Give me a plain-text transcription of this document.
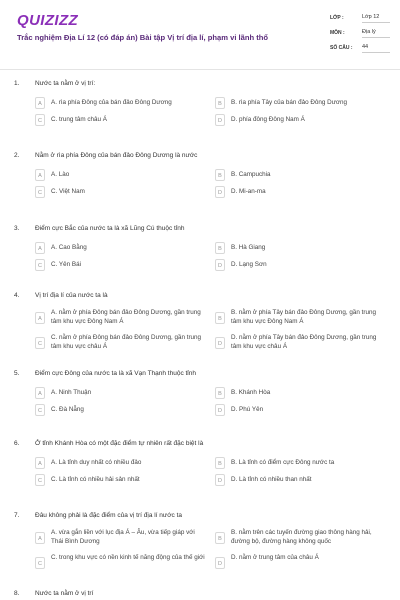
QUIZIZZ
Trắc nghiệm Địa Lí 12 (có đáp án) Bài tập Vị trí địa lí, phạm vi lãnh thổ
LỚP :	Lớp 12
MÔN :	Địa lý
SỐ CÂU : 44
1. Nước ta nằm ở vị trí:
A	A. rìa phía Đông của bán đảo Đông Dương	B	B. rìa phía Tây của bán đảo Đông Dương
C	C. trung tâm châu Á	D	D. phía đông Đông Nam Á
2. Nằm ở rìa phía Đông của bán đảo Đông Dương là nước
A	A. Lào	B	B. Campuchia
C	C. Việt Nam	D	D. Mi-an-ma
3. Điểm cực Bắc của nước ta là xã Lũng Cú thuộc tỉnh
A	A. Cao Bằng	B	B. Hà Giang
C	C. Yên Bái	D	D. Lạng Sơn
4. Vị trí địa lí của nước ta là
A
A. nằm ở phía Đông bán đảo Đông Dương, gần trung tâm khu vực Đông Nam Á	B
B. nằm ở phía Tây bán đảo Đông Dương, gần trung tâm khu vực Đông Nam Á
C
C. nằm ở phía Đông bán đảo Đông Dương, gần trung tâm khu vực châu Á	D
D. nằm ở phía Tây bán đảo Đông Dương, gần trung tâm khu vực châu Á
5. Điểm cực Đông của nước ta là xã Vạn Thạnh thuộc tỉnh
A	A. Ninh Thuận	B	B. Khánh Hòa
C	C. Đà Nẵng	D	D. Phú Yên
6. Ở tỉnh Khánh Hòa có một đặc điểm tự nhiên rất đặc biệt là
A	A. Là tỉnh duy nhất có nhiều đảo	B	B. Là tỉnh có điểm cực Đông nước ta
C	C. Là tỉnh có nhiều hải sản nhất	D	D. Là tỉnh có nhiều than nhất
7. Đâu không phải là đặc điểm của vị trí địa lí nước ta
A
A. vừa gắn liền với lục địa Á – Âu, vừa tiếp giáp với Thái Bình Dương	B
B. nằm trên các tuyến đường giao thông hàng hải, đường bộ, đường hàng không quốc
C
C. trong khu vực có nền kinh tế năng động của thế giới
D
D. nằm ở trung tâm của châu Á
8. Nước ta nằm ở vị trí
